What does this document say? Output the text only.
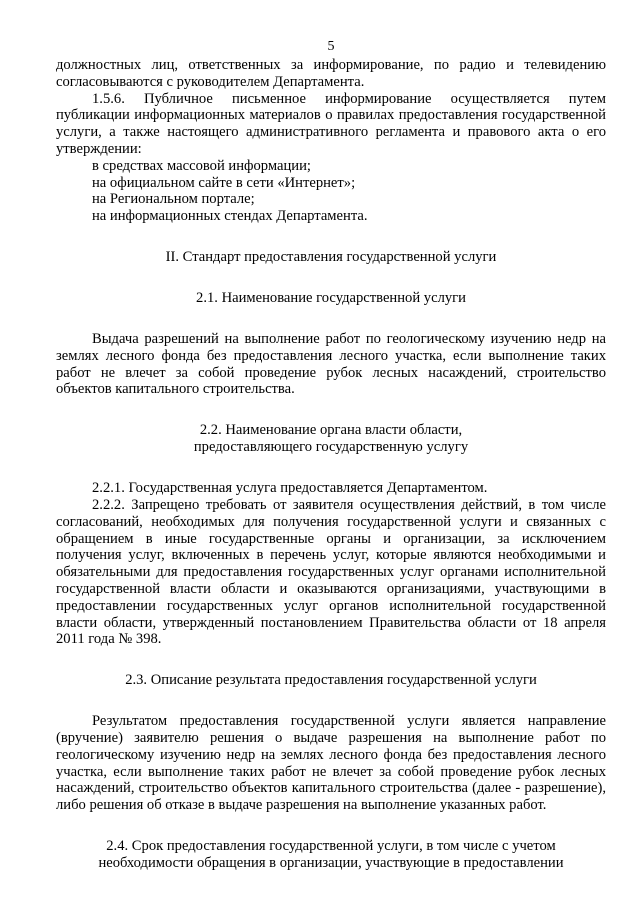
5

должностных лиц, ответственных за информирование, по радио и телевидению согласовываются с руководителем Департамента.

1.5.6. Публичное письменное информирование осуществляется путем публикации информационных материалов о правилах предоставления государственной услуги, а также настоящего административного регламента и правового акта о его утверждении:

в средствах массовой информации;

на официальном сайте в сети «Интернет»;

на Региональном портале;

на информационных стендах Департамента.

II. Стандарт предоставления государственной услуги

2.1. Наименование государственной услуги

Выдача разрешений на выполнение работ по геологическому изучению недр на землях лесного фонда без предоставления лесного участка, если выполнение таких работ не влечет за собой проведение рубок лесных насаждений, строительство объектов капитального строительства.

2.2. Наименование органа власти области,

предоставляющего государственную услугу

2.2.1. Государственная услуга предоставляется Департаментом.

2.2.2. Запрещено требовать от заявителя осуществления действий, в том числе согласований, необходимых для получения государственной услуги и связанных с обращением в иные государственные органы и организации, за исключением получения услуг, включенных в перечень услуг, которые являются необходимыми и обязательными для предоставления государственных услуг органами исполнительной государственной власти области и оказываются организациями, участвующими в предоставлении государственных услуг органов исполнительной государственной власти области, утвержденный постановлением Правительства области от 18 апреля 2011 года № 398.

2.3. Описание результата предоставления государственной услуги

Результатом предоставления государственной услуги является направление (вручение) заявителю решения о выдаче разрешения на выполнение работ по геологическому изучению недр на землях лесного фонда без предоставления лесного участка, если выполнение таких работ не влечет за собой проведение рубок лесных насаждений, строительство объектов капитального строительства (далее - разрешение), либо решения об отказе в выдаче разрешения на выполнение указанных работ.

2.4. Срок предоставления государственной услуги, в том числе с учетом

необходимости обращения в организации, участвующие в предоставлении
